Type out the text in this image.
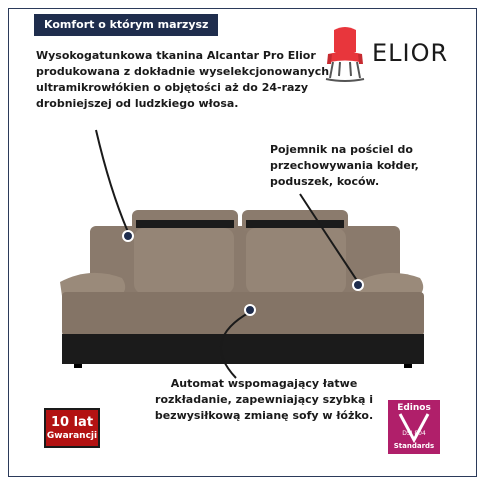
Komfort o którym marzysz
ELIOR
Wysokogatunkowa tkanina Alcantar Pro Elior produkowana z dokładnie wyselekcjonowanych ultramikrowłókien o objętości aż do 24-razy drobniejszej od ludzkiego włosa.
Pojemnik na pościel do przechowywania kołder, poduszek, koców.
Automat wspomagający łatwe rozkładanie, zapewniający szybką i bezwysiłkową zmianę sofy w łóżko.
10 lat
Gwarancji
Edinos
DSI 804
Standards
